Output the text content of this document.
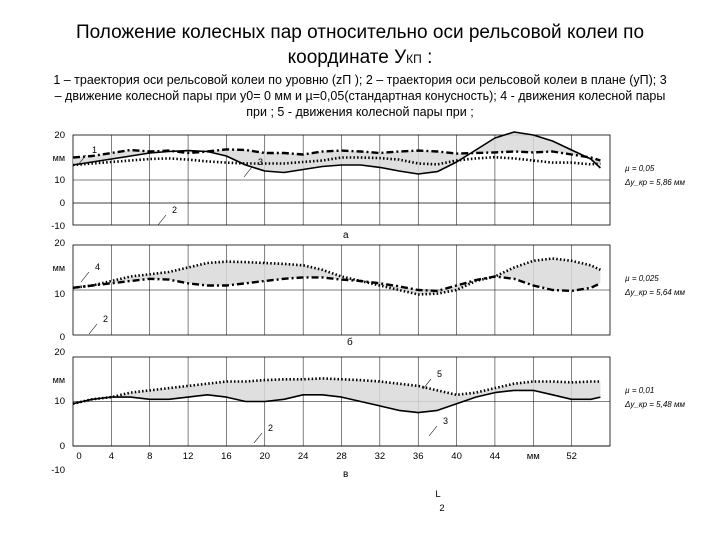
Положение колесных пар относительно оси рельсовой колеи по
координате УКП :
1 – траектория оси рельсовой колеи по уровню (zП ); 2 – траектория оси рельсовой колеи в плане (уП); 3 – движение колесной пары при у0= 0 мм и µ=0,05(стандартная конусность); 4 - движения колесной пары при ; 5 - движения колесной пары при ;
20
10
0
-10
мм
1
3
2
µ = 0,05
Δy_кр = 5,86 мм
а
20
10
0
мм	4
2
µ = 0,025
Δy_кр = 5,64 мм
б
20
10
0
-10
мм
5
3
2
µ = 0,01
Δy_кр = 5,48 мм
в
0	4	8	12	16	20	24	28	32	36	40	44	мм	52
L
2
